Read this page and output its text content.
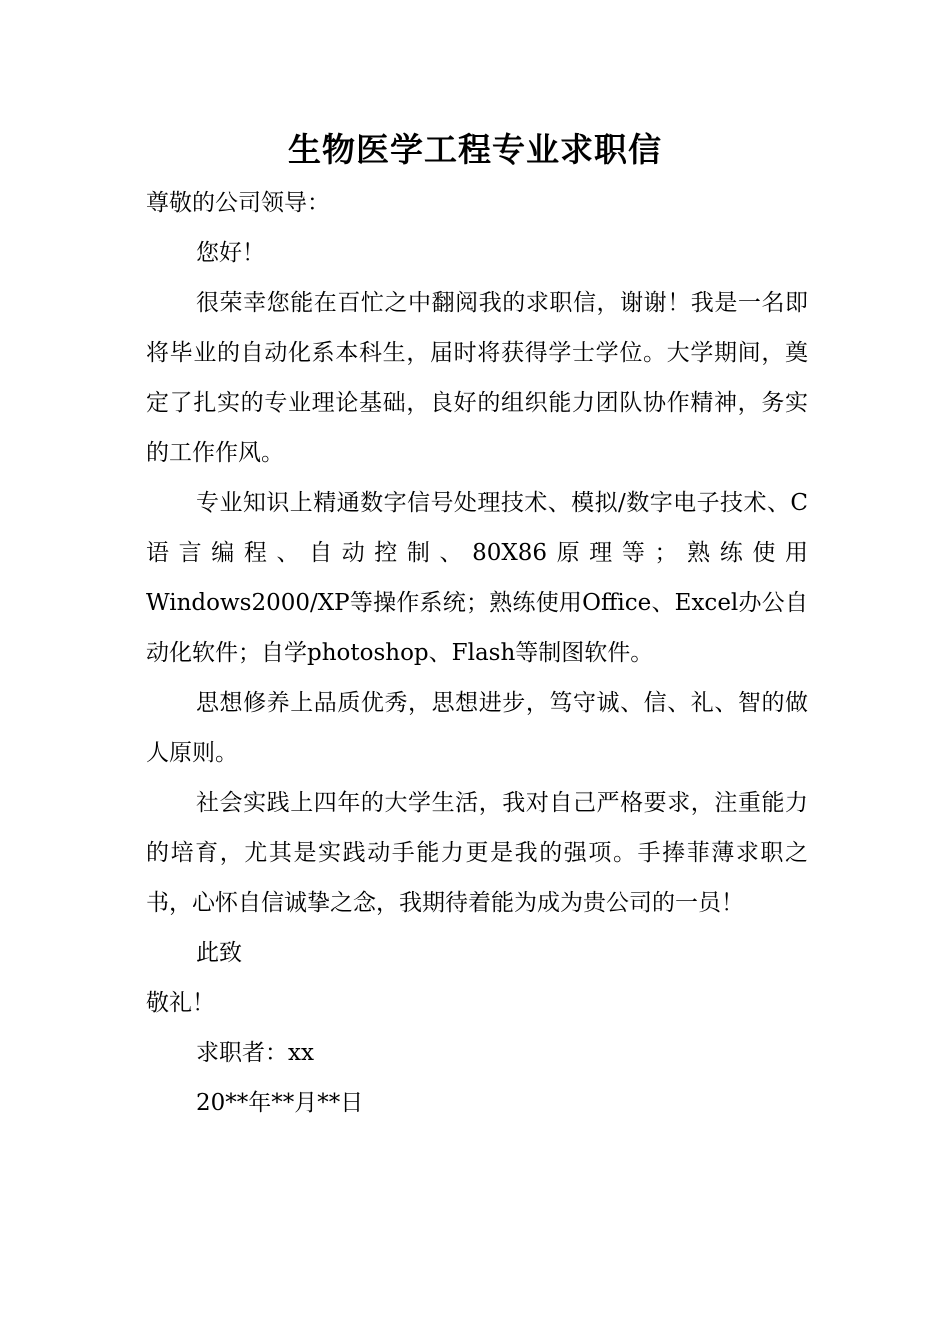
生物医学工程专业求职信

尊敬的公司领导：

您好！

很荣幸您能在百忙之中翻阅我的求职信，谢谢！我是一名即将毕业的自动化系本科生，届时将获得学士学位。大学期间，奠定了扎实的专业理论基础，良好的组织能力团队协作精神，务实的工作作风。

专业知识上精通数字信号处理技术、模拟/数字电子技术、C语言编程、自动控制、80X86原理等；熟练使用Windows2000/XP等操作系统；熟练使用Office、Excel办公自动化软件；自学photoshop、Flash等制图软件。

思想修养上品质优秀，思想进步，笃守诚、信、礼、智的做人原则。

社会实践上四年的大学生活，我对自己严格要求，注重能力的培育，尤其是实践动手能力更是我的强项。手捧菲薄求职之书，心怀自信诚挚之念，我期待着能为成为贵公司的一员！

此致

敬礼！

求职者：xx

20**年**月**日
